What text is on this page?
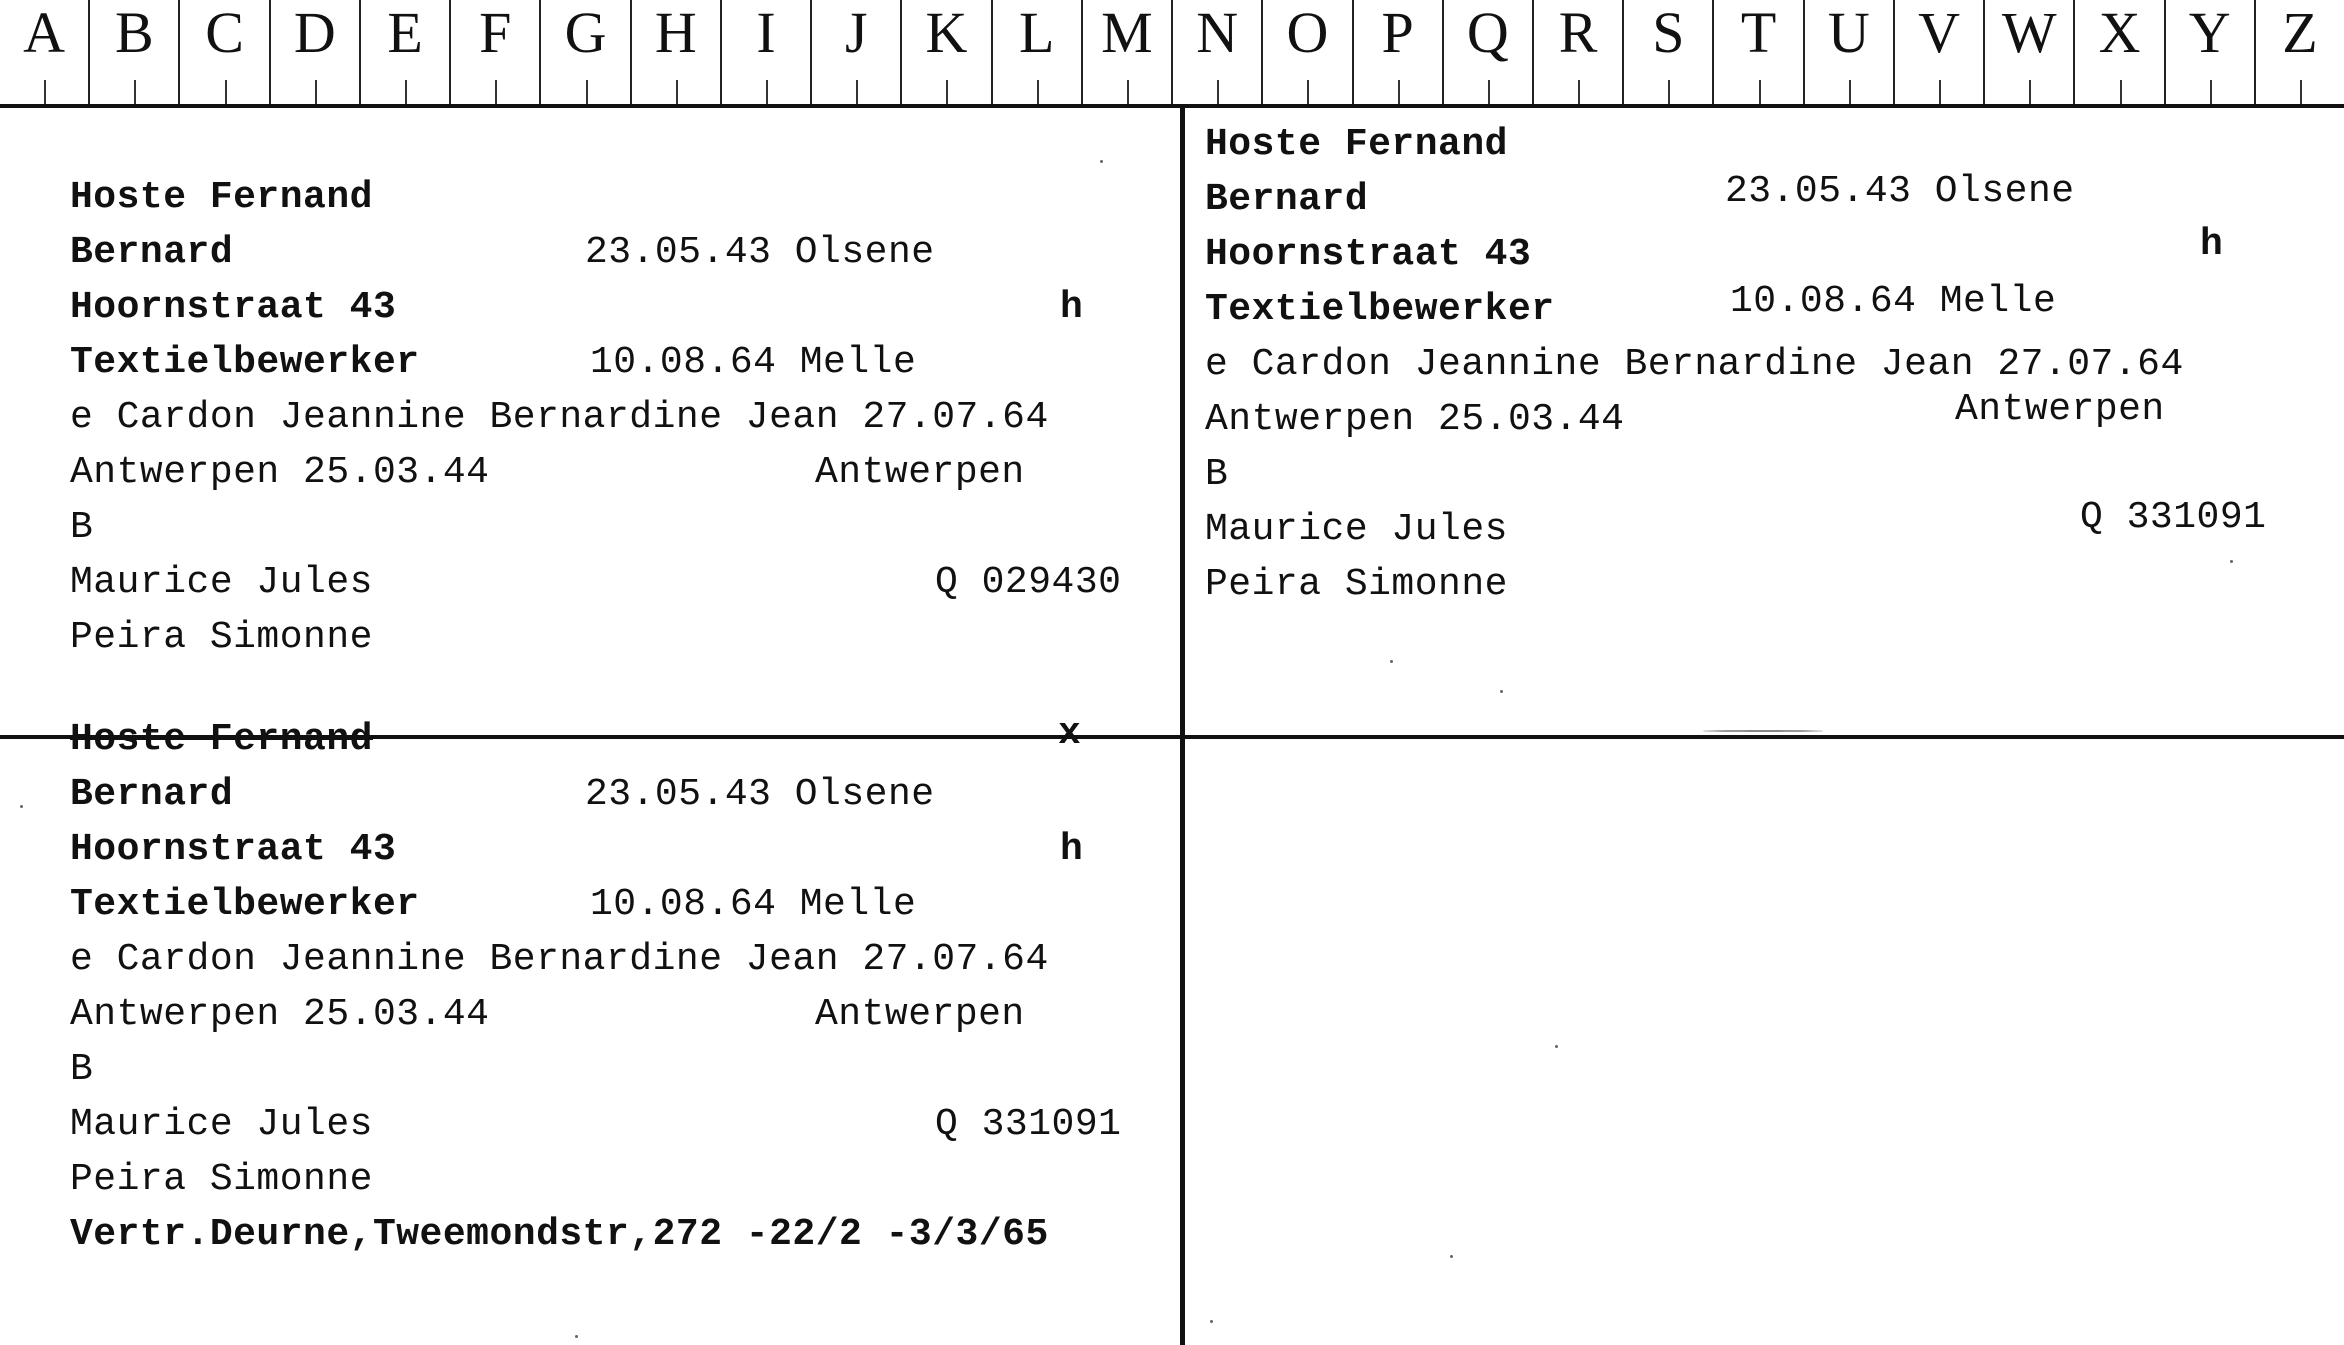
A B C D E F G H	I	J	K L M N O P Q R S T U V W X Y Z
Hoste Fernand
Bernard	23.05.43 Olsene
Hoornstraat 43	h
Textielbewerker	10.08.64 Melle
e Cardon Jeannine Bernardine Jean 27.07.64
Antwerpen 25.03.44	Antwerpen
B
Maurice Jules	Q 029430
Peira Simonne
Hoste Fernand
Bernard	23.05.43 Olsene
Hoornstraat 43	h
Textielbewerker	10.08.64 Melle
e Cardon Jeannine Bernardine Jean 27.07.64
Antwerpen 25.03.44	Antwerpen
B
Maurice Jules	Q 331091
Peira Simonne
Hoste Fernand	x
Bernard	23.05.43 Olsene
Hoornstraat 43	h
Textielbewerker	10.08.64 Melle
e Cardon Jeannine Bernardine Jean 27.07.64
Antwerpen 25.03.44	Antwerpen
B
Maurice Jules	Q 331091
Peira Simonne
Vertr.Deurne,Tweemondstr,272 -22/2 -3/3/65
